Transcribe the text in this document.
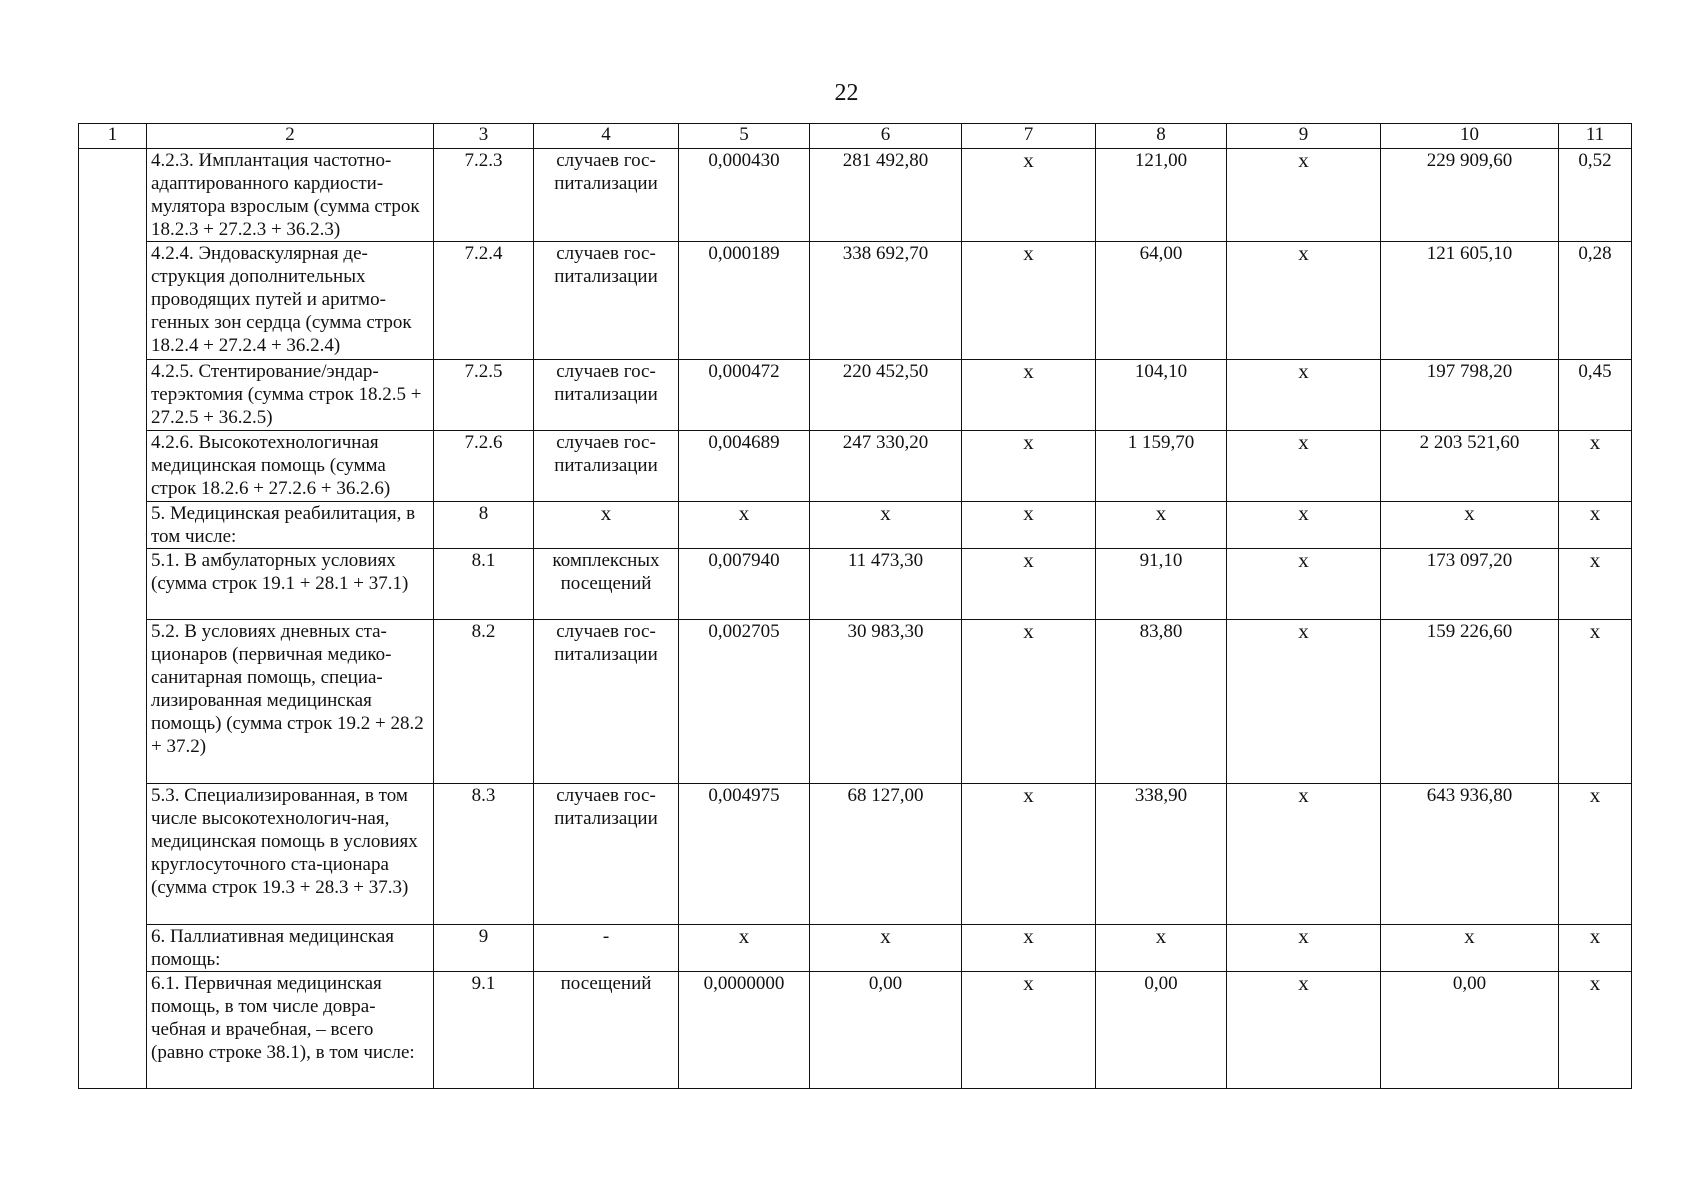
22
1	2	3	4	5	6	7	8	9	10	11
	4.2.3. Имплантация частотно-адаптированного кардиости-мулятора взрослым (сумма строк 18.2.3 + 27.2.3 + 36.2.3)	7.2.3	случаев гос-питализации	0,000430	281 492,80	x	121,00	x	229 909,60	0,52
	4.2.4. Эндоваскулярная де-струкция дополнительных проводящих путей и аритмо-генных зон сердца (сумма строк 18.2.4 + 27.2.4 + 36.2.4)	7.2.4	случаев гос-питализации	0,000189	338 692,70	x	64,00	x	121 605,10	0,28
	4.2.5. Стентирование/эндар-терэктомия (сумма строк 18.2.5 + 27.2.5 + 36.2.5)	7.2.5	случаев гос-питализации	0,000472	220 452,50	x	104,10	x	197 798,20	0,45
	4.2.6. Высокотехнологичная медицинская помощь (сумма строк 18.2.6 + 27.2.6 + 36.2.6)	7.2.6	случаев гос-питализации	0,004689	247 330,20	x	1 159,70	x	2 203 521,60	x
	5. Медицинская реабилитация, в том числе:	8	х	х	х	х	х	х	х	x
	5.1. В амбулаторных условиях (сумма строк 19.1 + 28.1 + 37.1)	8.1	комплексных посещений	0,007940	11 473,30	x	91,10	x	173 097,20	x
	5.2. В условиях дневных ста-ционаров (первичная медико-санитарная помощь, специа-лизированная медицинская помощь) (сумма строк 19.2 + 28.2 + 37.2)	8.2	случаев гос-питализации	0,002705	30 983,30	x	83,80	x	159 226,60	x
	5.3. Специализированная, в том числе высокотехнологич-ная, медицинская помощь в условиях круглосуточного ста-ционара (сумма строк 19.3 + 28.3 + 37.3)	8.3	случаев гос-питализации	0,004975	68 127,00	x	338,90	x	643 936,80	x
	6. Паллиативная медицинская помощь:	9	-	х	х	х	х	х	х	x
	6.1. Первичная медицинская помощь, в том числе довра-чебная и врачебная, – всего (равно строке 38.1), в том числе:	9.1	посещений	0,0000000	0,00	x	0,00	x	0,00	x
